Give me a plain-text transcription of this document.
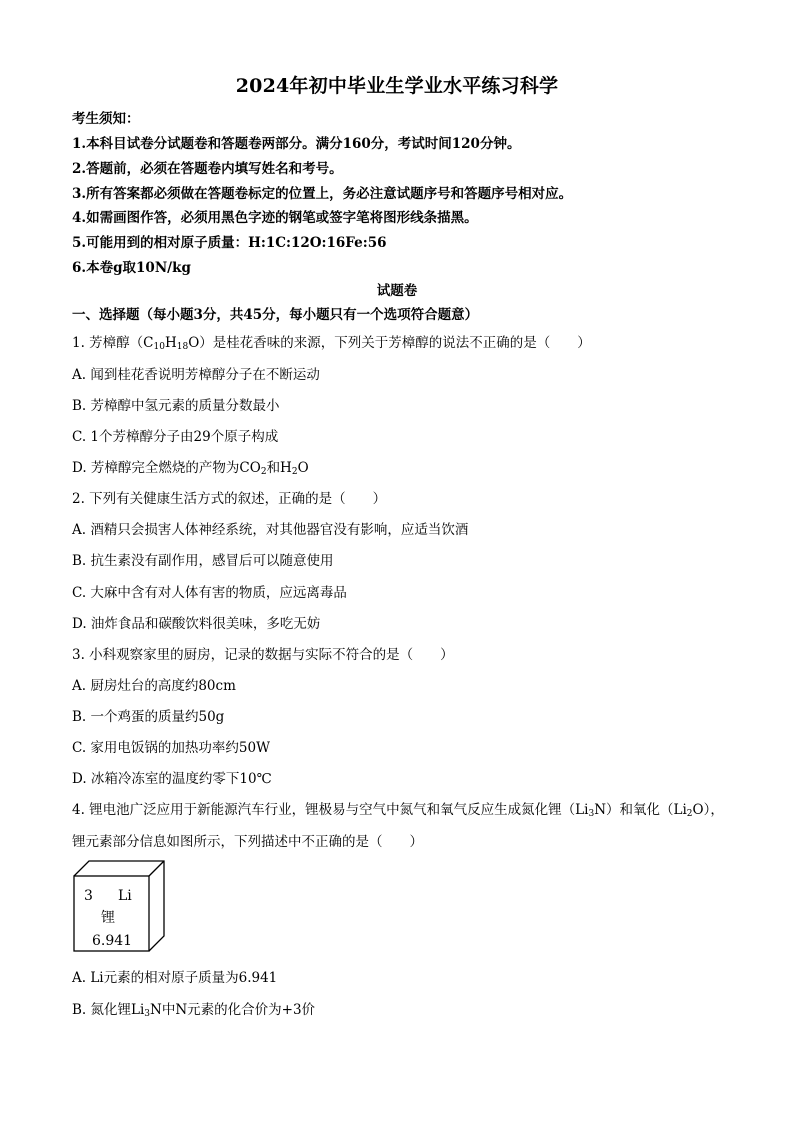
2024年初中毕业生学业水平练习科学
考生须知：
1.本科目试卷分试题卷和答题卷两部分。满分160分，考试时间120分钟。
2.答题前，必须在答题卷内填写姓名和考号。
3.所有答案都必须做在答题卷标定的位置上，务必注意试题序号和答题序号相对应。
4.如需画图作答，必须用黑色字迹的钢笔或签字笔将图形线条描黑。
5.可能用到的相对原子质量：H:1C:12O:16Fe:56
6.本卷g取10N/kg
试题卷
一、选择题（每小题3分，共45分，每小题只有一个选项符合题意）
1. 芳樟醇$(C_{10}H_{18}O)$是桂花香味的来源，下列关于芳樟醇的说法不正确的是（　　）
A. 闻到桂花香说明芳樟醇分子在不断运动
B. 芳樟醇中氢元素的质量分数最小
C. 1个芳樟醇分子由29个原子构成
D. 芳樟醇完全燃烧的产物为$CO_2$和$H_2O$
2. 下列有关健康生活方式的叙述，正确的是（　　）
A. 酒精只会损害人体神经系统，对其他器官没有影响，应适当饮酒
B. 抗生素没有副作用，感冒后可以随意使用
C. 大麻中含有对人体有害的物质，应远离毒品
D. 油炸食品和碳酸饮料很美味，多吃无妨
3. 小科观察家里的厨房，记录的数据与实际不符合的是（　　）
A. 厨房灶台的高度约80cm
B. 一个鸡蛋的质量约50g
C. 家用电饭锅的加热功率约50W
D. 冰箱冷冻室的温度约零下10℃
4. 锂电池广泛应用于新能源汽车行业，锂极易与空气中氮气和氧气反应生成氮化锂$(Li_3N)$和氧化$(Li_2O)$，
锂元素部分信息如图所示，下列描述中不正确的是（　　）
3 Li
锂
6.941
A. Li元素的相对原子质量为6.941
B. 氮化锂$Li_3N$中N元素的化合价为+3价
